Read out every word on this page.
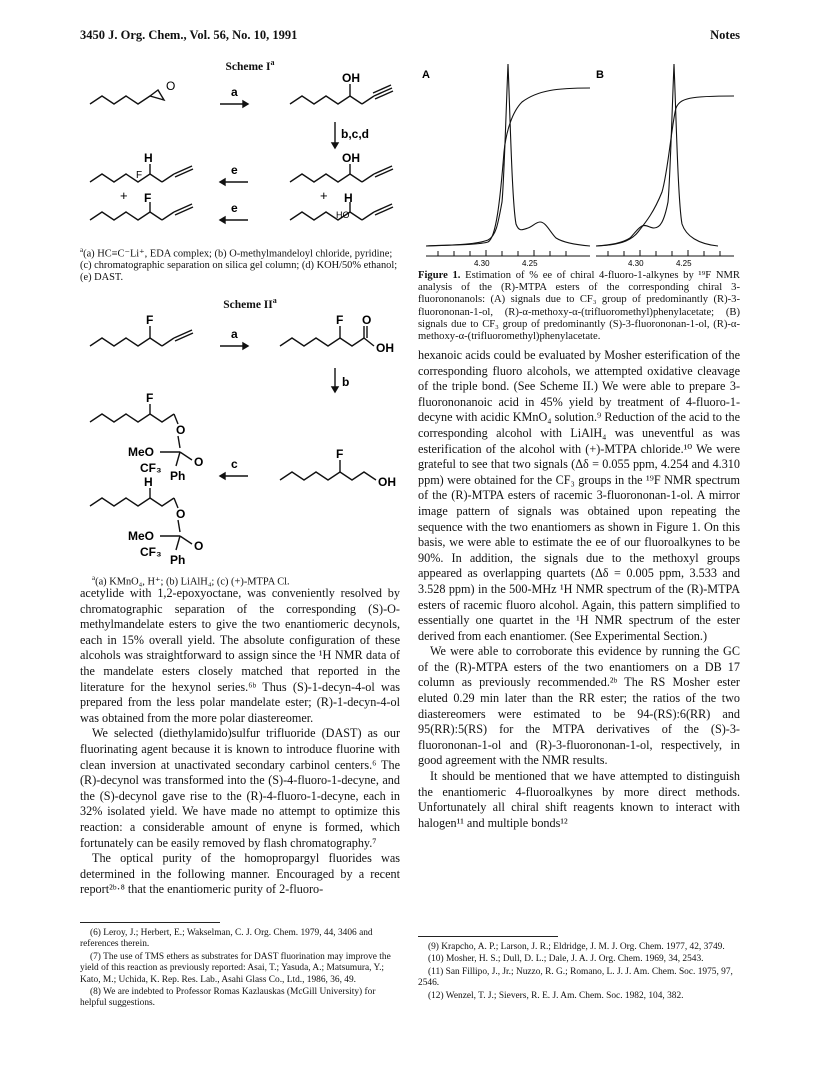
3450 J. Org. Chem., Vol. 56, No. 10, 1991	Notes
Scheme $I^a$
O
OH
a
b,c,d
H
F
OH
e
+ F	+ H
HO
e
$^a$(a) HC≡C⁻Li⁺, EDA complex; (b) O-methylmandeloyl chloride, pyridine; (c) chromatographic separation on silica gel column; (d) KOH/50% ethanol; (e) DAST.
Scheme $II^a$
F
a
F O
OH
b
F
O
MeO
O
CF₃
Ph
c
F
OH
H
O
MeO
O
CF₃
Ph
$^a$(a) KMnO₄, H⁺; (b) LiAlH₄; (c) (+)-MTPA Cl.
A	B
4.30	4.25	4.30	4.25
Figure 1. Estimation of % ee of chiral 4-fluoro-1-alkynes by ¹⁹F NMR analysis of the (R)-MTPA esters of the corresponding chiral 3-fluorononanols: (A) signals due to CF₃ group of predominantly (R)-3-fluorononan-1-ol, (R)-α-methoxy-α-(trifluoromethyl)phenylacetate; (B) signals due to CF₃ group of predominantly (S)-3-fluorononan-1-ol, (R)-α-methoxy-α-(trifluoromethyl)phenylacetate.

acetylide with 1,2-epoxyoctane, was conveniently resolved by chromatographic separation of the corresponding (S)-O-methylmandelate esters to give the two enantiomeric decynols, each in 15% overall yield. The absolute configuration of these alcohols was straightforward to assign since the ¹H NMR data of the mandelate esters closely matched that reported in the literature for the hexynol series.⁶ᵇ Thus (S)-1-decyn-4-ol was prepared from the less polar mandelate ester; (R)-1-decyn-4-ol was obtained from the more polar diastereomer.

We selected (diethylamido)sulfur trifluoride (DAST) as our fluorinating agent because it is known to introduce fluorine with clean inversion at unactivated secondary carbinol centers.⁶ The (R)-decynol was transformed into the (S)-4-fluoro-1-decyne, and the (S)-decynol gave rise to the (R)-4-fluoro-1-decyne, each in 32% isolated yield. We have made no attempt to optimize this reaction: a considerable amount of enyne is formed, which fortunately can be easily removed by flash chromatography.⁷

The optical purity of the homopropargyl fluorides was determined in the following manner. Encouraged by a recent report²ᵇ·⁸ that the enantiomeric purity of 2-fluoro-

hexanoic acids could be evaluated by Mosher esterification of the corresponding fluoro alcohols, we attempted oxidative cleavage of the triple bond. (See Scheme II.) We were able to prepare 3-fluorononanoic acid in 45% yield by treatment of 4-fluoro-1-decyne with acidic KMnO₄ solution.⁹ Reduction of the acid to the corresponding alcohol with LiAlH₄ was uneventful as was esterification of the alcohol with (+)-MTPA chloride.¹⁰ We were grateful to see that two signals (Δδ = 0.055 ppm, 4.254 and 4.310 ppm) were obtained for the CF₃ groups in the ¹⁹F NMR spectrum of the (R)-MTPA esters of racemic 3-fluorononan-1-ol. A mirror image pattern of signals was obtained upon repeating the sequence with the two enantiomers as shown in Figure 1. On this basis, we were able to estimate the ee of our fluoroalkynes to be 90%. In addition, the signals due to the methoxyl groups appeared as overlapping quartets (Δδ = 0.005 ppm, 3.533 and 3.528 ppm) in the 500-MHz ¹H NMR spectrum of the (R)-MTPA esters of racemic fluoro alcohol. Again, this pattern simplified to essentially one quartet in the ¹H NMR spectrum of the ester derived from each enantiomer. (See Experimental Section.)

We were able to corroborate this evidence by running the GC of the (R)-MTPA esters of the two enantiomers on a DB 17 column as previously recommended.²ᵇ The RS Mosher ester eluted 0.29 min later than the RR ester; the ratios of the two diastereomers were estimated to be 94-(RS):6(RR) and 95(RR):5(RS) for the MTPA derivatives of the (S)-3-fluorononan-1-ol and (R)-3-fluorononan-1-ol, respectively, in good agreement with the NMR results.

It should be mentioned that we have attempted to distinguish the enantiomeric 4-fluoroalkynes by more direct methods. Unfortunately all chiral shift reagents known to interact with halogen¹¹ and multiple bonds¹²

(6) Leroy, J.; Herbert, E.; Wakselman, C. J. Org. Chem. 1979, 44, 3406 and references therein.

(7) The use of TMS ethers as substrates for DAST fluorination may improve the yield of this reaction as previously reported: Asai, T.; Yasuda, A.; Matsumura, Y.; Kato, M.; Uchida, K. Rep. Res. Lab., Asahi Glass Co., Ltd., 1986, 36, 49.

(8) We are indebted to Professor Romas Kazlauskas (McGill University) for helpful suggestions.

(9) Krapcho, A. P.; Larson, J. R.; Eldridge, J. M. J. Org. Chem. 1977, 42, 3749.

(10) Mosher, H. S.; Dull, D. L.; Dale, J. A. J. Org. Chem. 1969, 34, 2543.

(11) San Fillipo, J., Jr.; Nuzzo, R. G.; Romano, L. J. J. Am. Chem. Soc. 1975, 97, 2546.

(12) Wenzel, T. J.; Sievers, R. E. J. Am. Chem. Soc. 1982, 104, 382.
